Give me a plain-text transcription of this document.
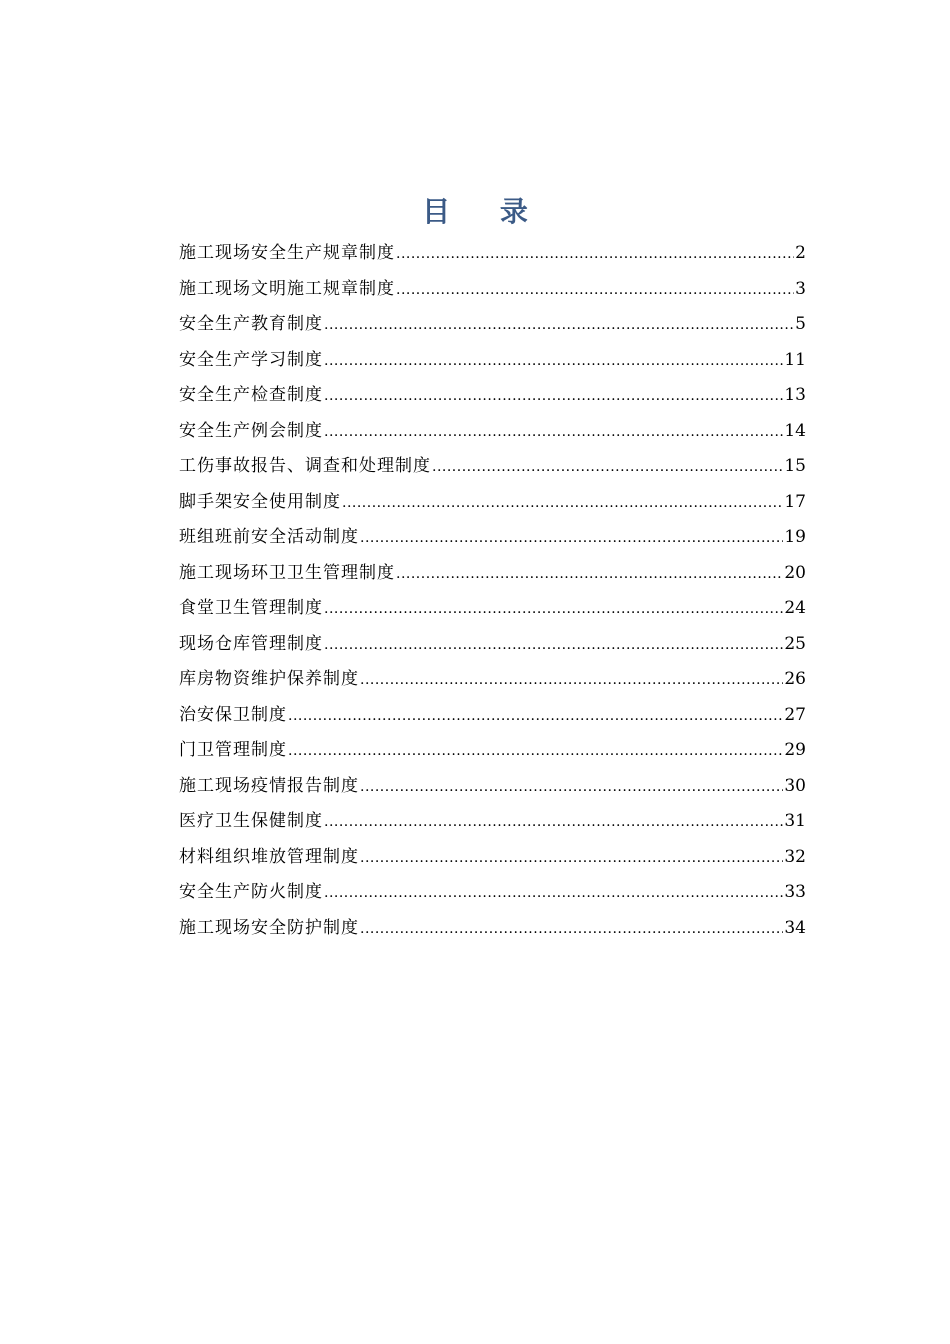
目 录
施工现场安全生产规章制度 .....	2
施工现场文明施工规章制度 .....	3
安全生产教育制度 .....	5
安全生产学习制度 .....	11
安全生产检查制度 .....	13
安全生产例会制度 .....	14
工伤事故报告、调查和处理制度 .....	15
脚手架安全使用制度 .....	17
班组班前安全活动制度 .....	19
施工现场环卫卫生管理制度 .....	20
食堂卫生管理制度 .....	24
现场仓库管理制度 .....	25
库房物资维护保养制度 .....	26
治安保卫制度 .....	27
门卫管理制度 .....	29
施工现场疫情报告制度 .....	30
医疗卫生保健制度 .....	31
材料组织堆放管理制度 .....	32
安全生产防火制度 .....	33
施工现场安全防护制度 .....	34
